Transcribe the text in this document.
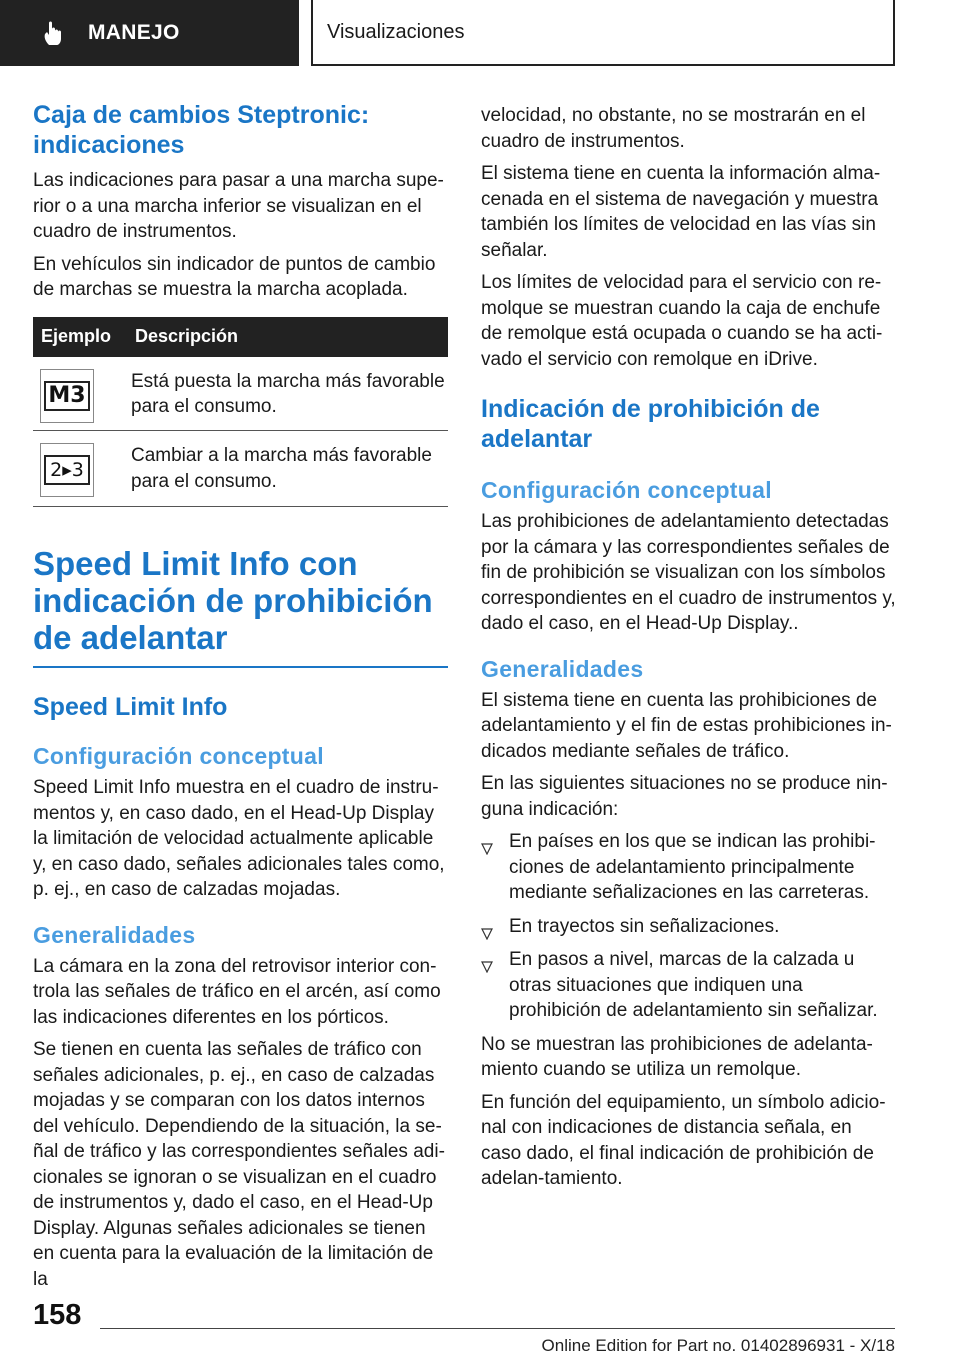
MANEJO	Visualizaciones
Caja de cambios Steptronic: indicaciones

Las indicaciones para pasar a una marcha supe-rior o a una marcha inferior se visualizan en el cuadro de instrumentos.

En vehículos sin indicador de puntos de cambio de marchas se muestra la marcha acoplada.

Ejemplo	Descripción

M3	Está puesta la marcha más favorable para el consumo.

2▸3	Cambiar a la marcha más favorable para el consumo.
Speed Limit Info con indicación de prohibición de adelantar
Speed Limit Info
Configuración conceptual

Speed Limit Info muestra en el cuadro de instru-mentos y, en caso dado, en el Head-Up Display la limitación de velocidad actualmente aplicable y, en caso dado, señales adicionales tales como, p. ej., en caso de calzadas mojadas.

Generalidades

La cámara en la zona del retrovisor interior con-trola las señales de tráfico en el arcén, así como las indicaciones diferentes en los pórticos.

Se tienen en cuenta las señales de tráfico con señales adicionales, p. ej., en caso de calzadas mojadas y se comparan con los datos internos del vehículo. Dependiendo de la situación, la se-ñal de tráfico y las correspondientes señales adi-cionales se ignoran o se visualizan en el cuadro de instrumentos y, dado el caso, en el Head-Up Display. Algunas señales adicionales se tienen en cuenta para la evaluación de la limitación de la

velocidad, no obstante, no se mostrarán en el cuadro de instrumentos.

El sistema tiene en cuenta la información alma-cenada en el sistema de navegación y muestra también los límites de velocidad en las vías sin señalar.

Los límites de velocidad para el servicio con re-molque se muestran cuando la caja de enchufe de remolque está ocupada o cuando se ha acti-vado el servicio con remolque en iDrive.

Indicación de prohibición de adelantar
Configuración conceptual

Las prohibiciones de adelantamiento detectadas por la cámara y las correspondientes señales de fin de prohibición se visualizan con los símbolos correspondientes en el cuadro de instrumentos y, dado el caso, en el Head-Up Display..

Generalidades

El sistema tiene en cuenta las prohibiciones de adelantamiento y el fin de estas prohibiciones in-dicados mediante señales de tráfico.

En las siguientes situaciones no se produce nin-guna indicación:

En países en los que se indican las prohibi-ciones de adelantamiento principalmente mediante señalizaciones en las carreteras.
En trayectos sin señalizaciones.
En pasos a nivel, marcas de la calzada u otras situaciones que indiquen una prohibición de adelantamiento sin señalizar.

No se muestran las prohibiciones de adelanta-miento cuando se utiliza un remolque.

En función del equipamiento, un símbolo adicio-nal con indicaciones de distancia señala, en caso dado, el final indicación de prohibición de adelan-tamiento.

158
Online Edition for Part no. 01402896931 - X/18
